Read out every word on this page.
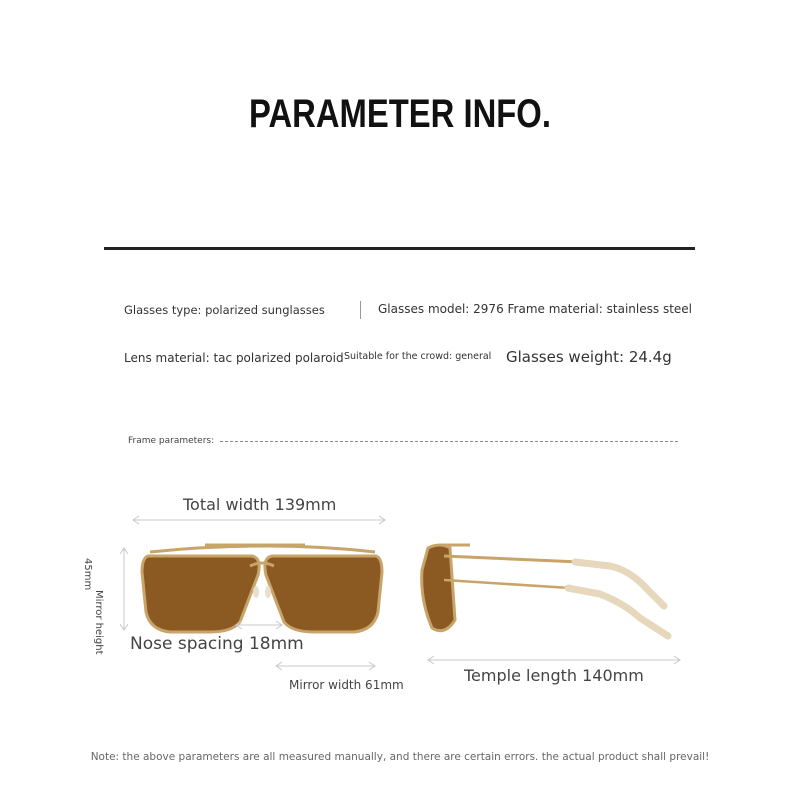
PARAMETER INFO.
Glasses type: polarized sunglasses	Glasses model: 2976 Frame material: stainless steel
Lens material: tac polarized polaroid Suitable for the crowd: general Glasses weight: 24.4g
Frame parameters:
Total width 139mm
Mirror height
45mm
Nose spacing 18mm
Mirror width 61mm	Temple length 140mm
Note: the above parameters are all measured manually, and there are certain errors. the actual product shall prevail!
